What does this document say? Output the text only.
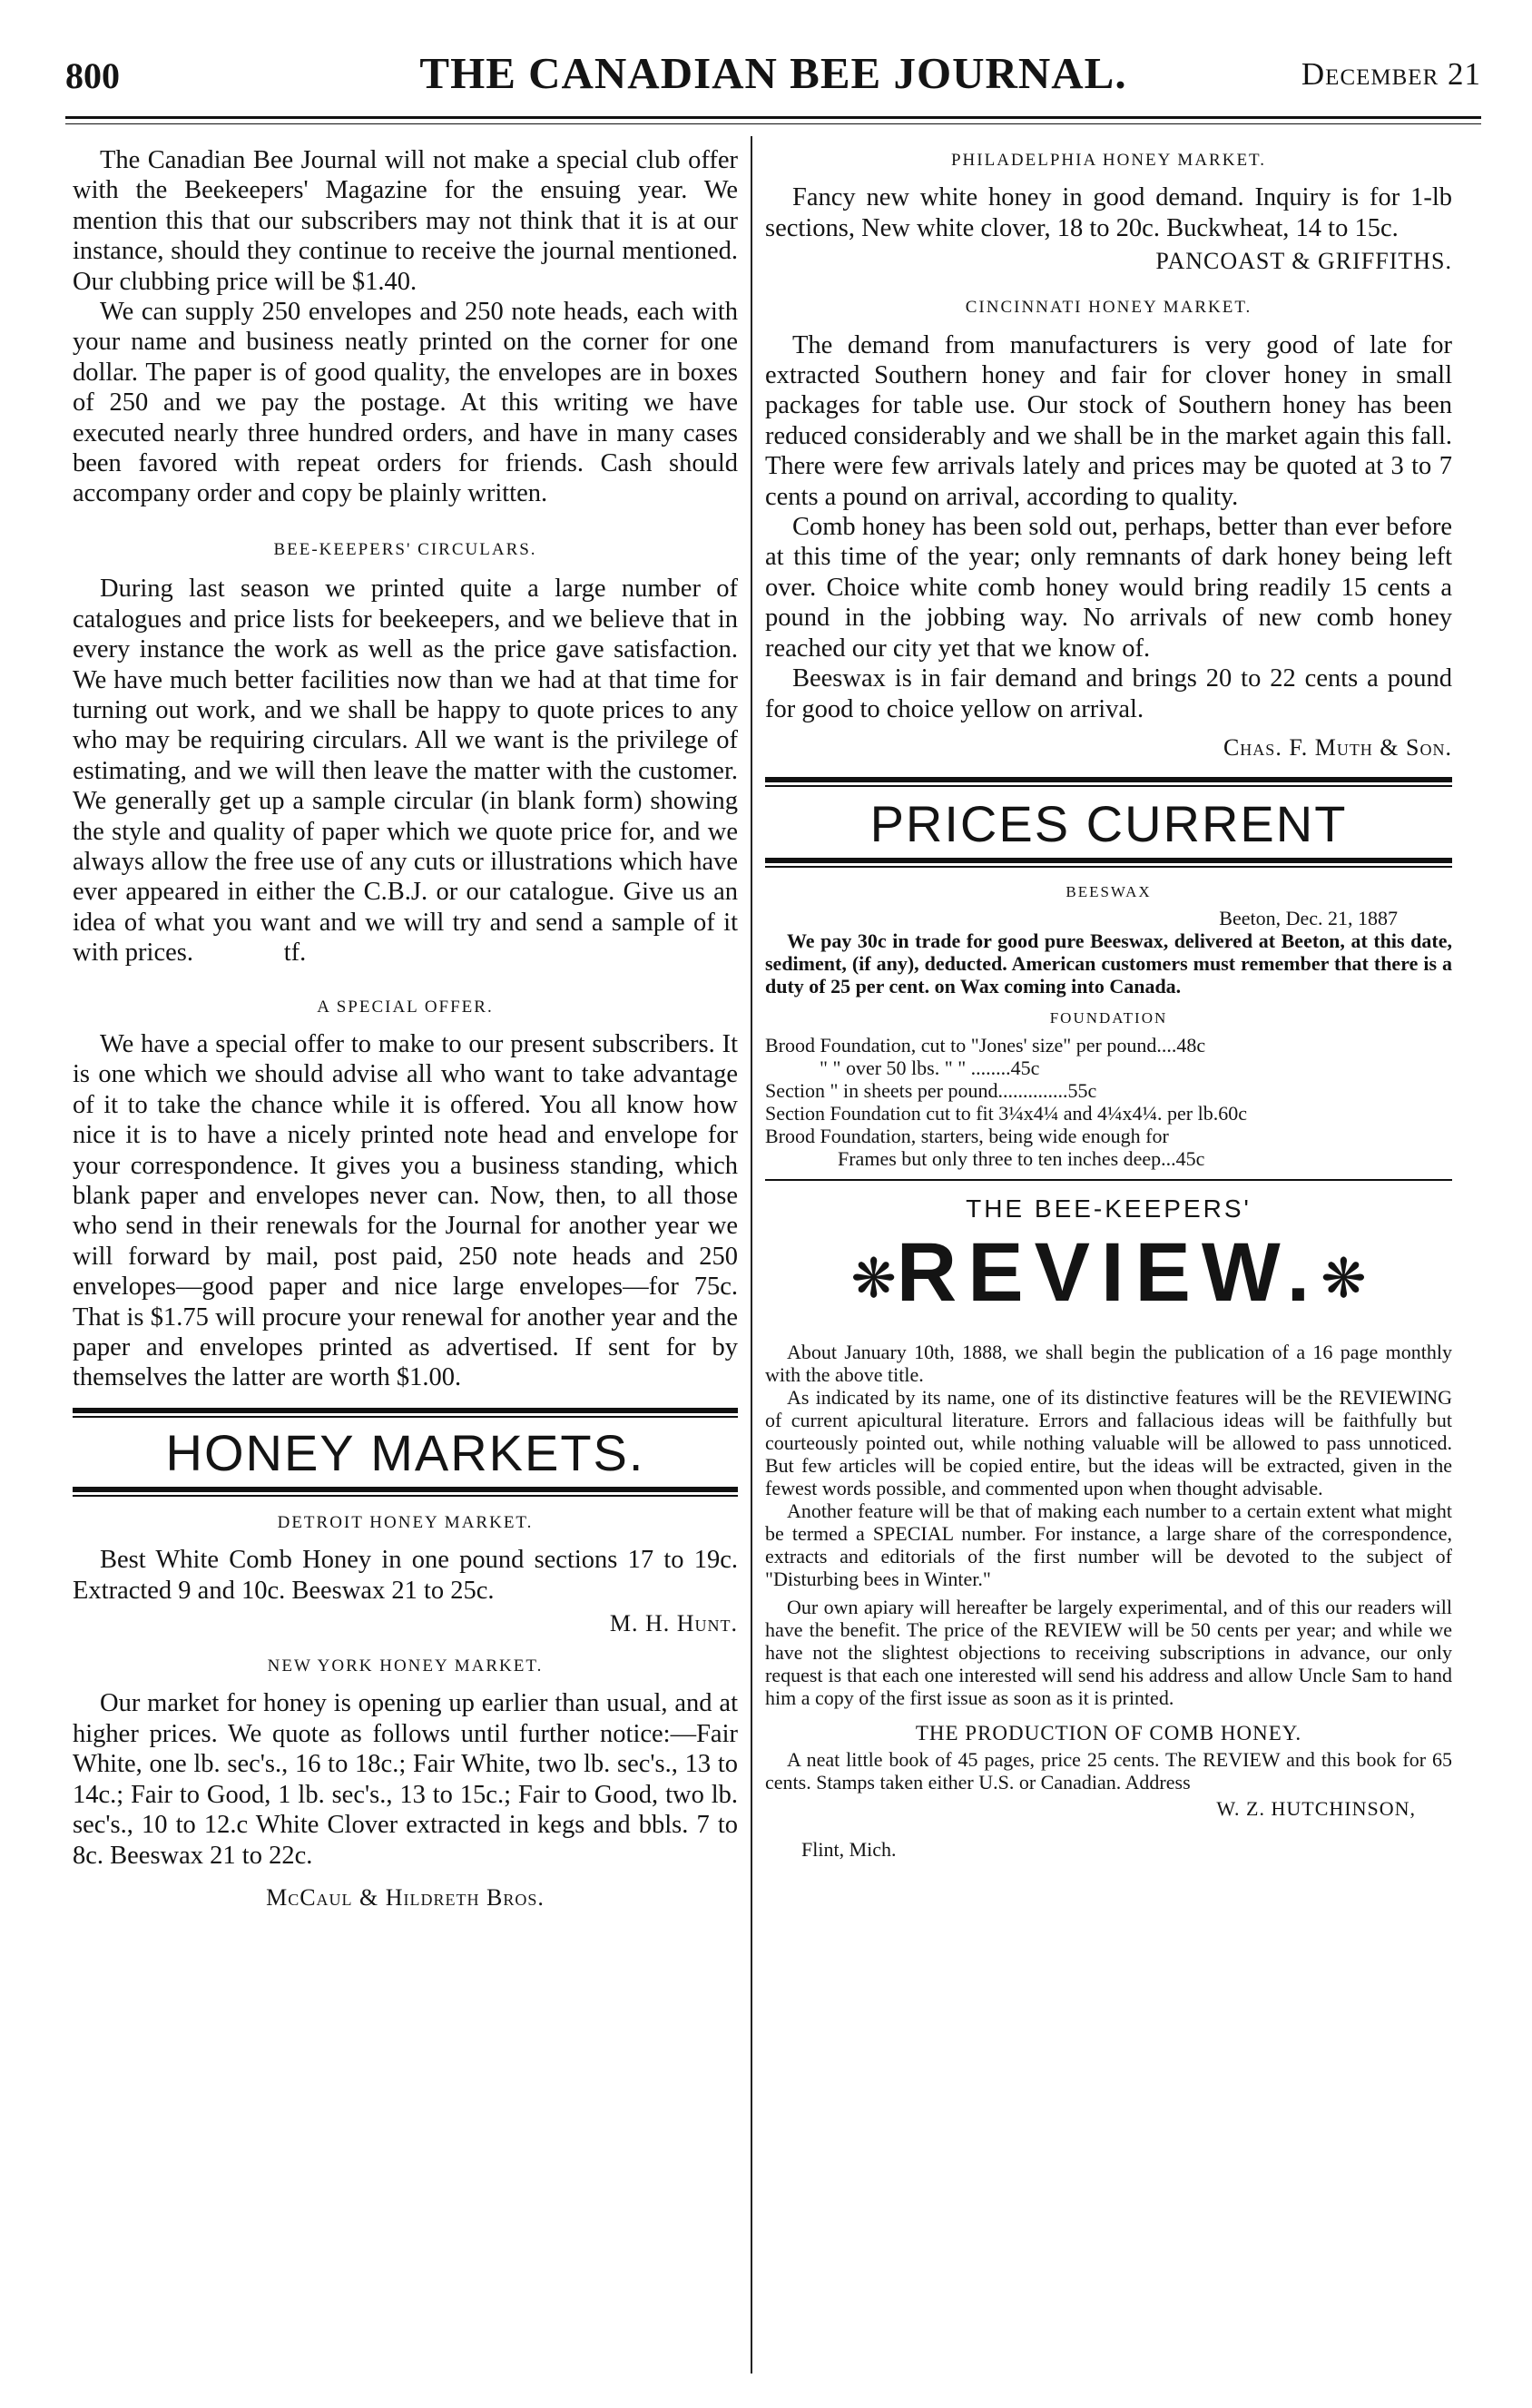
800	THE CANADIAN BEE JOURNAL.	December 21

The Canadian Bee Journal will not make a special club offer with the Beekeepers' Magazine for the ensuing year. We mention this that our subscribers may not think that it is at our instance, should they continue to receive the journal mentioned. Our clubbing price will be $1.40.

We can supply 250 envelopes and 250 note heads, each with your name and business neatly printed on the corner for one dollar. The paper is of good quality, the envelopes are in boxes of 250 and we pay the postage. At this writing we have executed nearly three hundred orders, and have in many cases been favored with repeat orders for friends. Cash should accompany order and copy be plainly written.

BEE-KEEPERS' CIRCULARS.

During last season we printed quite a large number of catalogues and price lists for beekeepers, and we believe that in every instance the work as well as the price gave satisfaction. We have much better facilities now than we had at that time for turning out work, and we shall be happy to quote prices to any who may be requiring circulars. All we want is the privilege of estimating, and we will then leave the matter with the customer. We generally get up a sample circular (in blank form) showing the style and quality of paper which we quote price for, and we always allow the free use of any cuts or illustrations which have ever appeared in either the C.B.J. or our catalogue. Give us an idea of what you want and we will try and send a sample of it with prices.	tf.

A SPECIAL OFFER.

We have a special offer to make to our present subscribers. It is one which we should advise all who want to take advantage of it to take the chance while it is offered. You all know how nice it is to have a nicely printed note head and envelope for your correspondence. It gives you a business standing, which blank paper and envelopes never can. Now, then, to all those who send in their renewals for the Journal for another year we will forward by mail, post paid, 250 note heads and 250 envelopes—good paper and nice large envelopes—for 75c. That is $1.75 will procure your renewal for another year and the paper and envelopes printed as advertised. If sent for by themselves the latter are worth $1.00.

HONEY MARKETS.

DETROIT HONEY MARKET.

Best White Comb Honey in one pound sections 17 to 19c. Extracted 9 and 10c. Beeswax 21 to 25c.

M. H. Hunt.

NEW YORK HONEY MARKET.

Our market for honey is opening up earlier than usual, and at higher prices. We quote as follows until further notice:—Fair White, one lb. sec's., 16 to 18c.; Fair White, two lb. sec's., 13 to 14c.; Fair to Good, 1 lb. sec's., 13 to 15c.; Fair to Good, two lb. sec's., 10 to 12.c White Clover extracted in kegs and bbls. 7 to 8c. Beeswax 21 to 22c.

McCaul & Hildreth Bros.

PHILADELPHIA HONEY MARKET.

Fancy new white honey in good demand. Inquiry is for 1-lb sections, New white clover, 18 to 20c. Buckwheat, 14 to 15c.

PANCOAST & GRIFFITHS.

CINCINNATI HONEY MARKET.

The demand from manufacturers is very good of late for extracted Southern honey and fair for clover honey in small packages for table use. Our stock of Southern honey has been reduced considerably and we shall be in the market again this fall. There were few arrivals lately and prices may be quoted at 3 to 7 cents a pound on arrival, according to quality.

Comb honey has been sold out, perhaps, better than ever before at this time of the year; only remnants of dark honey being left over. Choice white comb honey would bring readily 15 cents a pound in the jobbing way. No arrivals of new comb honey reached our city yet that we know of.

Beeswax is in fair demand and brings 20 to 22 cents a pound for good to choice yellow on arrival.

Chas. F. Muth & Son.

PRICES CURRENT

BEESWAX

Beeton, Dec. 21, 1887

We pay 30c in trade for good pure Beeswax, delivered at Beeton, at this date, sediment, (if any), deducted. American customers must remember that there is a duty of 25 per cent. on Wax coming into Canada.

FOUNDATION

Brood Foundation, cut to "Jones' size" per pound....48c

" " over 50 lbs. " " ........45c

Section " in sheets per pound..............55c

Section Foundation cut to fit 3¼x4¼ and 4¼x4¼. per lb.60c

Brood Foundation, starters, being wide enough for

Frames but only three to ten inches deep...45c

THE BEE-KEEPERS'

❋REVIEW.❋

About January 10th, 1888, we shall begin the publication of a 16 page monthly with the above title.

As indicated by its name, one of its distinctive features will be the REVIEWING of current apicultural literature. Errors and fallacious ideas will be faithfully but courteously pointed out, while nothing valuable will be allowed to pass unnoticed. But few articles will be copied entire, but the ideas will be extracted, given in the fewest words possible, and commented upon when thought advisable.

Another feature will be that of making each number to a certain extent what might be termed a SPECIAL number. For instance, a large share of the correspondence, extracts and editorials of the first number will be devoted to the subject of "Disturbing bees in Winter."

Our own apiary will hereafter be largely experimental, and of this our readers will have the benefit. The price of the REVIEW will be 50 cents per year; and while we have not the slightest objections to receiving subscriptions in advance, our only request is that each one interested will send his address and allow Uncle Sam to hand him a copy of the first issue as soon as it is printed.

THE PRODUCTION OF COMB HONEY.

A neat little book of 45 pages, price 25 cents. The REVIEW and this book for 65 cents. Stamps taken either U.S. or Canadian. Address

W. Z. HUTCHINSON,

Flint, Mich.
